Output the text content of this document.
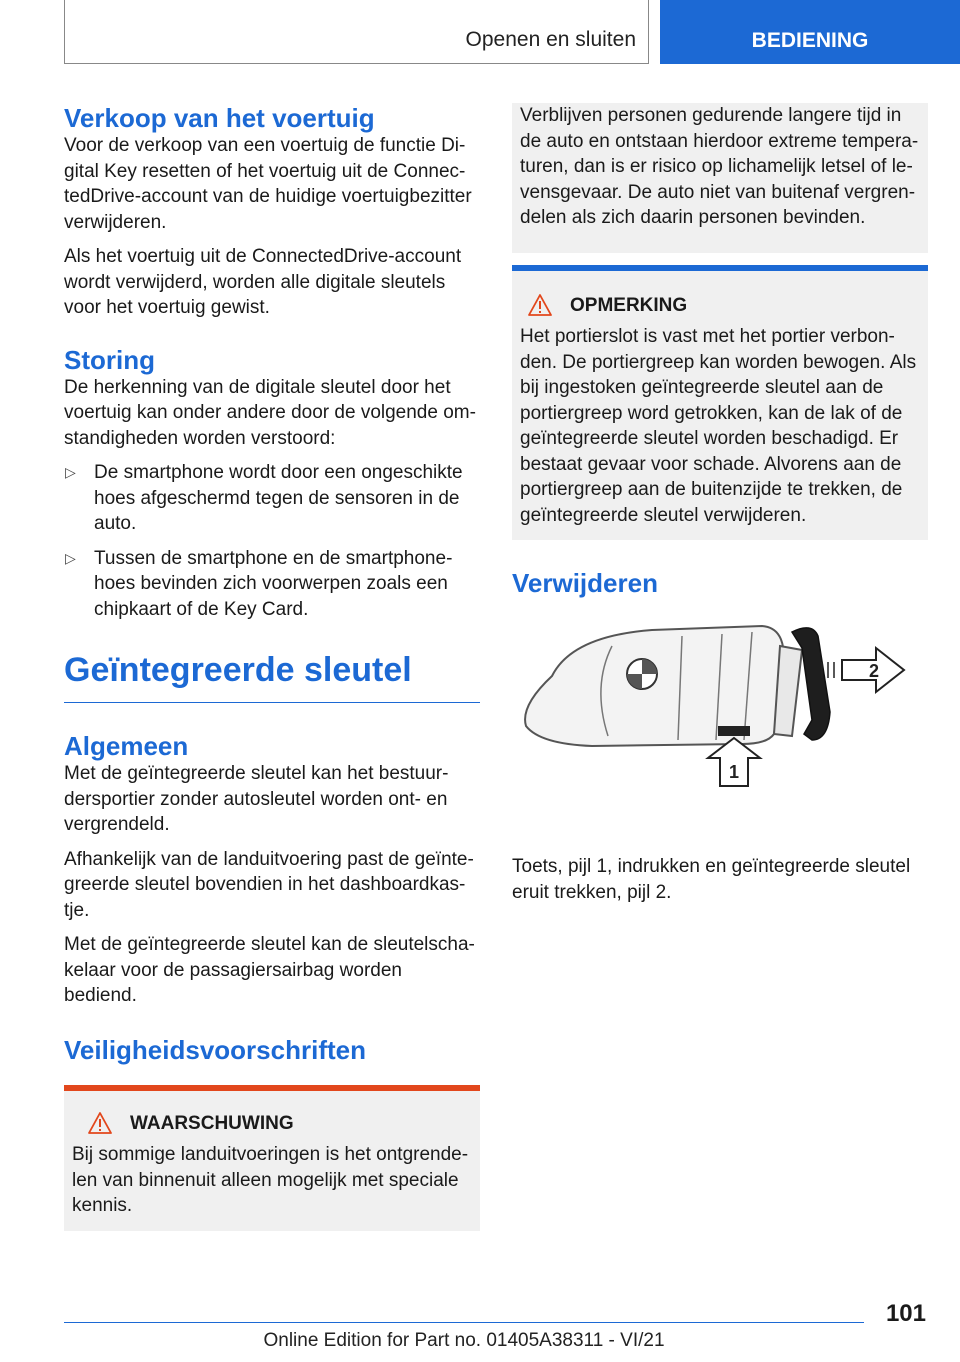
Openen en sluiten	BEDIENING
Verkoop van het voertuig

Voor de verkoop van een voertuig de functie Di-gital Key resetten of het voertuig uit de Connec-tedDrive-account van de huidige voertuigbezitter verwijderen.

Als het voertuig uit de ConnectedDrive-account wordt verwijderd, worden alle digitale sleutels voor het voertuig gewist.

Storing

De herkenning van de digitale sleutel door het voertuig kan onder andere door de volgende om-standigheden worden verstoord:

▷ De smartphone wordt door een ongeschikte hoes afgeschermd tegen de sensoren in de auto.
▷ Tussen de smartphone en de smartphone-hoes bevinden zich voorwerpen zoals een chipkaart of de Key Card.
Geïntegreerde sleutel
Algemeen

Met de geïntegreerde sleutel kan het bestuur-dersportier zonder autosleutel worden ont- en vergrendeld.

Afhankelijk van de landuitvoering past de geïnte-greerde sleutel bovendien in het dashboardkas-tje.

Met de geïntegreerde sleutel kan de sleutelscha-kelaar voor de passagiersairbag worden bediend.

Veiligheidsvoorschriften
WAARSCHUWING
Bij sommige landuitvoeringen is het ontgrende-len van binnenuit alleen mogelijk met speciale kennis.
Verblijven personen gedurende langere tijd in de auto en ontstaan hierdoor extreme tempera-turen, dan is er risico op lichamelijk letsel of le-vensgevaar. De auto niet van buitenaf vergren-delen als zich daarin personen bevinden.
OPMERKING
Het portierslot is vast met het portier verbon-den. De portiergreep kan worden bewogen. Als bij ingestoken geïntegreerde sleutel aan de portiergreep word getrokken, kan de lak of de geïntegreerde sleutel worden beschadigd. Er bestaat gevaar voor schade. Alvorens aan de portiergreep aan de buitenzijde te trekken, de geïntegreerde sleutel verwijderen.
Verwijderen
1
2

Toets, pijl 1, indrukken en geïntegreerde sleutel eruit trekken, pijl 2.

101
Online Edition for Part no. 01405A38311 - VI/21
